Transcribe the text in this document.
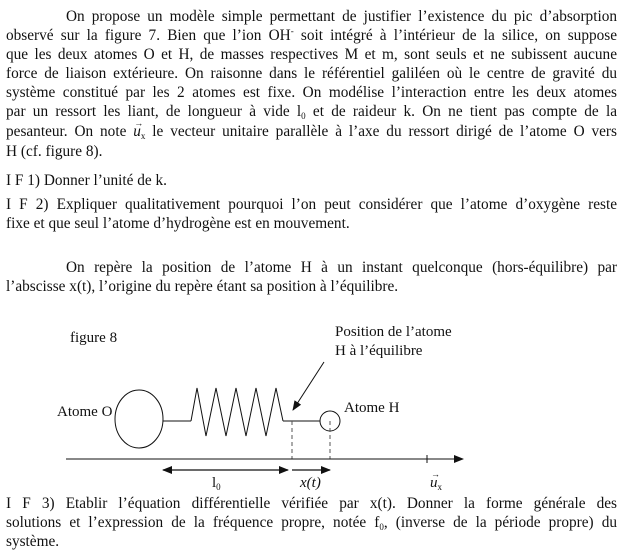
On propose un modèle simple permettant de justifier l’existence du pic d’absorption
observé sur la figure 7. Bien que l’ion OH- soit intégré à l’intérieur de la silice, on suppose
que les deux atomes O et H, de masses respectives M et m, sont seuls et ne subissent aucune
force de liaison extérieure. On raisonne dans le référentiel galiléen où le centre de gravité du
système constitué par les 2 atomes est fixe. On modélise l’interaction entre les deux atomes
par un ressort les liant, de longueur à vide $l_0$ et de raideur k. On ne tient pas compte de la
pesanteur. On note → $u_x$ le vecteur unitaire parallèle à l’axe du ressort dirigé de l’atome O vers
H (cf. figure 8).
I F 1) Donner l’unité de k.
I F 2) Expliquer qualitativement pourquoi l’on peut considérer que l’atome d’oxygène reste
fixe et que seul l’atome d’hydrogène est en mouvement.
On repère la position de l’atome H à un instant quelconque (hors-équilibre) par
l’abscisse x(t), l’origine du repère étant sa position à l’équilibre.
I F 3) Etablir l’équation différentielle vérifiée par x(t). Donner la forme générale des
solutions et l’expression de la fréquence propre, notée $f_0$, (inverse de la période propre) du
système.
figure 8	Position de l’atome
H à l’équilibre
Atome O	Atome H
$l_0$	x(t)	→ $u_x$
